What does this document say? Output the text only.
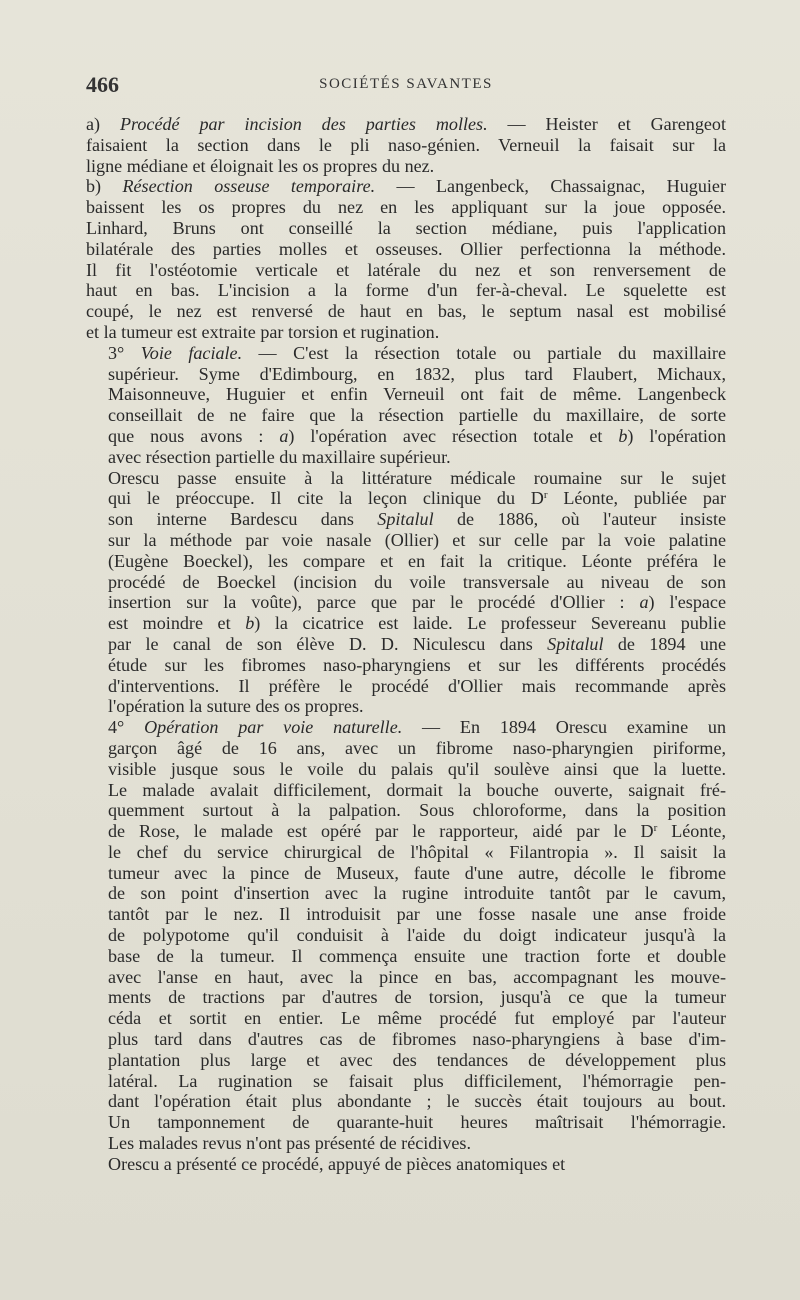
466	SOCIÉTÉS SAVANTES

a) Procédé par incision des parties molles. — Heister et Garengeot
faisaient la section dans le pli naso-génien. Verneuil la faisait sur la
ligne médiane et éloignait les os propres du nez.

b) Résection osseuse temporaire. — Langenbeck, Chassaignac, Huguier
baissent les os propres du nez en les appliquant sur la joue opposée.
Linhard, Bruns ont conseillé la section médiane, puis l'application
bilatérale des parties molles et osseuses. Ollier perfectionna la méthode.
Il fit l'ostéotomie verticale et latérale du nez et son renversement de
haut en bas. L'incision a la forme d'un fer-à-cheval. Le squelette est
coupé, le nez est renversé de haut en bas, le septum nasal est mobilisé
et la tumeur est extraite par torsion et rugination.

3° Voie faciale. — C'est la résection totale ou partiale du maxillaire
supérieur. Syme d'Edimbourg, en 1832, plus tard Flaubert, Michaux,
Maisonneuve, Huguier et enfin Verneuil ont fait de même. Langenbeck
conseillait de ne faire que la résection partielle du maxillaire, de sorte
que nous avons : a) l'opération avec résection totale et b) l'opération
avec résection partielle du maxillaire supérieur.

Orescu passe ensuite à la littérature médicale roumaine sur le sujet
qui le préoccupe. Il cite la leçon clinique du $D^r$ Léonte, publiée par
son interne Bardescu dans Spitalul de 1886, où l'auteur insiste
sur la méthode par voie nasale (Ollier) et sur celle par la voie palatine
(Eugène Boeckel), les compare et en fait la critique. Léonte préféra le
procédé de Boeckel (incision du voile transversale au niveau de son
insertion sur la voûte), parce que par le procédé d'Ollier : a) l'espace
est moindre et b) la cicatrice est laide. Le professeur Severeanu publie
par le canal de son élève D. D. Niculescu dans Spitalul de 1894 une
étude sur les fibromes naso-pharyngiens et sur les différents procédés
d'interventions. Il préfère le procédé d'Ollier mais recommande après
l'opération la suture des os propres.

4° Opération par voie naturelle. — En 1894 Orescu examine un
garçon âgé de 16 ans, avec un fibrome naso-pharyngien piriforme,
visible jusque sous le voile du palais qu'il soulève ainsi que la luette.
Le malade avalait difficilement, dormait la bouche ouverte, saignait fré-
quemment surtout à la palpation. Sous chloroforme, dans la position
de Rose, le malade est opéré par le rapporteur, aidé par le $D^r$ Léonte,
le chef du service chirurgical de l'hôpital « Filantropia ». Il saisit la
tumeur avec la pince de Museux, faute d'une autre, décolle le fibrome
de son point d'insertion avec la rugine introduite tantôt par le cavum,
tantôt par le nez. Il introduisit par une fosse nasale une anse froide
de polypotome qu'il conduisit à l'aide du doigt indicateur jusqu'à la
base de la tumeur. Il commença ensuite une traction forte et double
avec l'anse en haut, avec la pince en bas, accompagnant les mouve-
ments de tractions par d'autres de torsion, jusqu'à ce que la tumeur
céda et sortit en entier. Le même procédé fut employé par l'auteur
plus tard dans d'autres cas de fibromes naso-pharyngiens à base d'im-
plantation plus large et avec des tendances de développement plus
latéral. La rugination se faisait plus difficilement, l'hémorragie pen-
dant l'opération était plus abondante ; le succès était toujours au bout.
Un tamponnement de quarante-huit heures maîtrisait l'hémorragie.
Les malades revus n'ont pas présenté de récidives.

Orescu a présenté ce procédé, appuyé de pièces anatomiques et
